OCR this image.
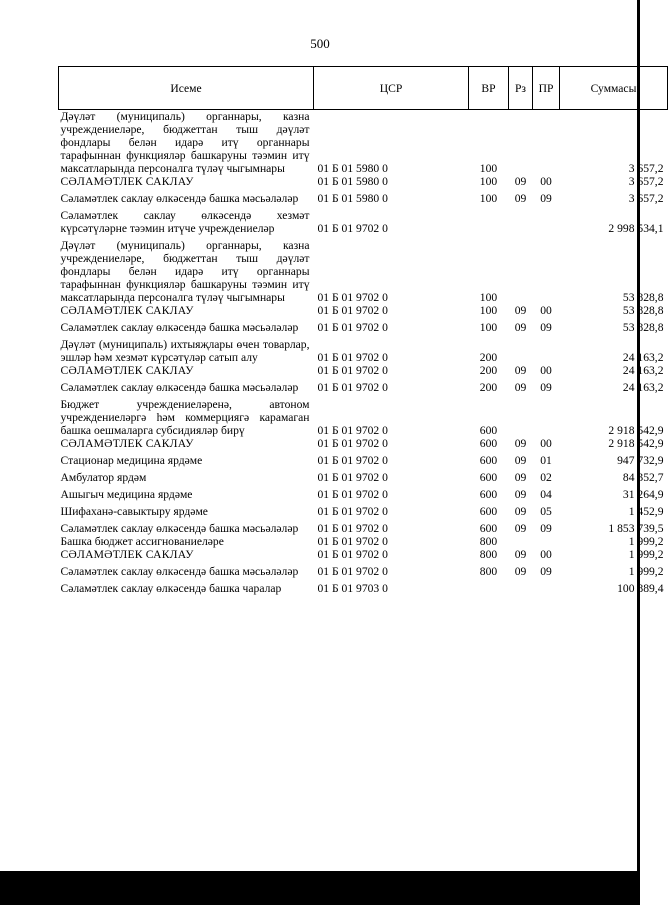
500
Исеме	ЦСР	ВР	Рз	ПР	Суммасы
Дәүләт (муниципаль) органнары, казна учреждениеләре, бюджеттан тыш дәүләт фондлары белән идарә итү органнары тарафыннан функцияләр башкаруны тәэмин итү максатларында персоналга түләү чыгымнары	01 Б 01 5980 0	100			3 657,2
СӘЛАМӘТЛЕК САКЛАУ	01 Б 01 5980 0	100	09	00	3 657,2
Сәламәтлек саклау өлкәсендә башка мәсьәләләр	01 Б 01 5980 0	100	09	09	3 657,2
Сәламәтлек саклау өлкәсендә хезмәт күрсәтүләрне тәэмин итүче учреждениеләр	01 Б 01 9702 0				2 998 534,1
Дәүләт (муниципаль) органнары, казна учреждениеләре, бюджеттан тыш дәүләт фондлары белән идарә итү органнары тарафыннан функцияләр башкаруны тәэмин итү максатларында персоналга түләү чыгымнары	01 Б 01 9702 0	100			53 828,8
СӘЛАМӘТЛЕК САКЛАУ	01 Б 01 9702 0	100	09	00	53 828,8
Сәламәтлек саклау өлкәсендә башка мәсьәләләр	01 Б 01 9702 0	100	09	09	53 828,8
Дәүләт (муниципаль) ихтыяҗлары өчен товарлар, эшләр һәм хезмәт күрсәтүләр сатып алу	01 Б 01 9702 0	200			24 163,2
СӘЛАМӘТЛЕК САКЛАУ	01 Б 01 9702 0	200	09	00	24 163,2
Сәламәтлек саклау өлкәсендә башка мәсьәләләр	01 Б 01 9702 0	200	09	09	24 163,2
Бюджет учреждениеләренә, автоном учреждениеләргә һәм коммерциягә карамаган башка оешмаларга субсидияләр бирү	01 Б 01 9702 0	600			2 918 542,9
СӘЛАМӘТЛЕК САКЛАУ	01 Б 01 9702 0	600	09	00	2 918 542,9
Стационар медицина ярдәме	01 Б 01 9702 0	600	09	01	947 732,9
Амбулатор ярдәм	01 Б 01 9702 0	600	09	02	84 352,7
Ашыгыч медицина ярдәме	01 Б 01 9702 0	600	09	04	31 264,9
Шифаханә-савыктыру ярдәме	01 Б 01 9702 0	600	09	05	1 452,9
Сәламәтлек саклау өлкәсендә башка мәсьәләләр	01 Б 01 9702 0	600	09	09	1 853 739,5
Башка бюджет ассигнованиеләре	01 Б 01 9702 0	800			1 999,2
СӘЛАМӘТЛЕК САКЛАУ	01 Б 01 9702 0	800	09	00	1 999,2
Сәламәтлек саклау өлкәсендә башка мәсьәләләр	01 Б 01 9702 0	800	09	09	1 999,2
Сәламәтлек саклау өлкәсендә башка чаралар	01 Б 01 9703 0				100 889,4
